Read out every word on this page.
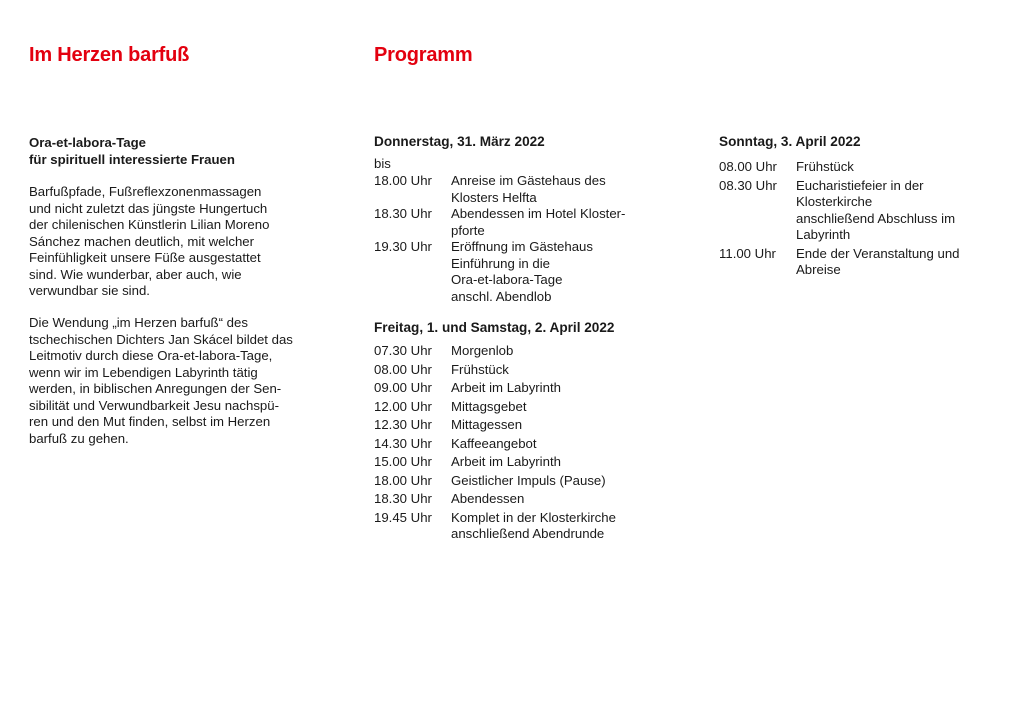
Im Herzen barfuß

Ora-et-labora-Tage
für spirituell interessierte Frauen

Barfußpfade, Fußreflexzonenmassagen
und nicht zuletzt das jüngste Hungertuch
der chilenischen Künstlerin Lilian Moreno
Sánchez machen deutlich, mit welcher
Feinfühligkeit unsere Füße ausgestattet
sind. Wie wunderbar, aber auch, wie
verwundbar sie sind.

Die Wendung „im Herzen barfuß“ des
tschechischen Dichters Jan Skácel bildet das
Leitmotiv durch diese Ora-et-labora-Tage,
wenn wir im Lebendigen Labyrinth tätig
werden, in biblischen Anregungen der Sen-
sibilität und Verwundbarkeit Jesu nachspü-
ren und den Mut finden, selbst im Herzen
barfuß zu gehen.

Programm
Donnerstag, 31. März 2022
bis
18.00 Uhr	Anreise im Gästehaus des
Klosters Helfta
18.30 Uhr	Abendessen im Hotel Kloster-
pforte
19.30 Uhr	Eröffnung im Gästehaus
Einführung in die
Ora-et-labora-Tage
anschl. Abendlob
Freitag, 1. und Samstag, 2. April 2022
07.30 Uhr	Morgenlob
08.00 Uhr	Frühstück
09.00 Uhr	Arbeit im Labyrinth
12.00 Uhr	Mittagsgebet
12.30 Uhr	Mittagessen
14.30 Uhr	Kaffeeangebot
15.00 Uhr	Arbeit im Labyrinth
18.00 Uhr	Geistlicher Impuls (Pause)
18.30 Uhr	Abendessen
19.45 Uhr	Komplet in der Klosterkirche
anschließend Abendrunde
Sonntag, 3. April 2022
08.00 Uhr	Frühstück
08.30 Uhr	Eucharistiefeier in der
Klosterkirche
anschließend Abschluss im
Labyrinth
11.00 Uhr	Ende der Veranstaltung und
Abreise
